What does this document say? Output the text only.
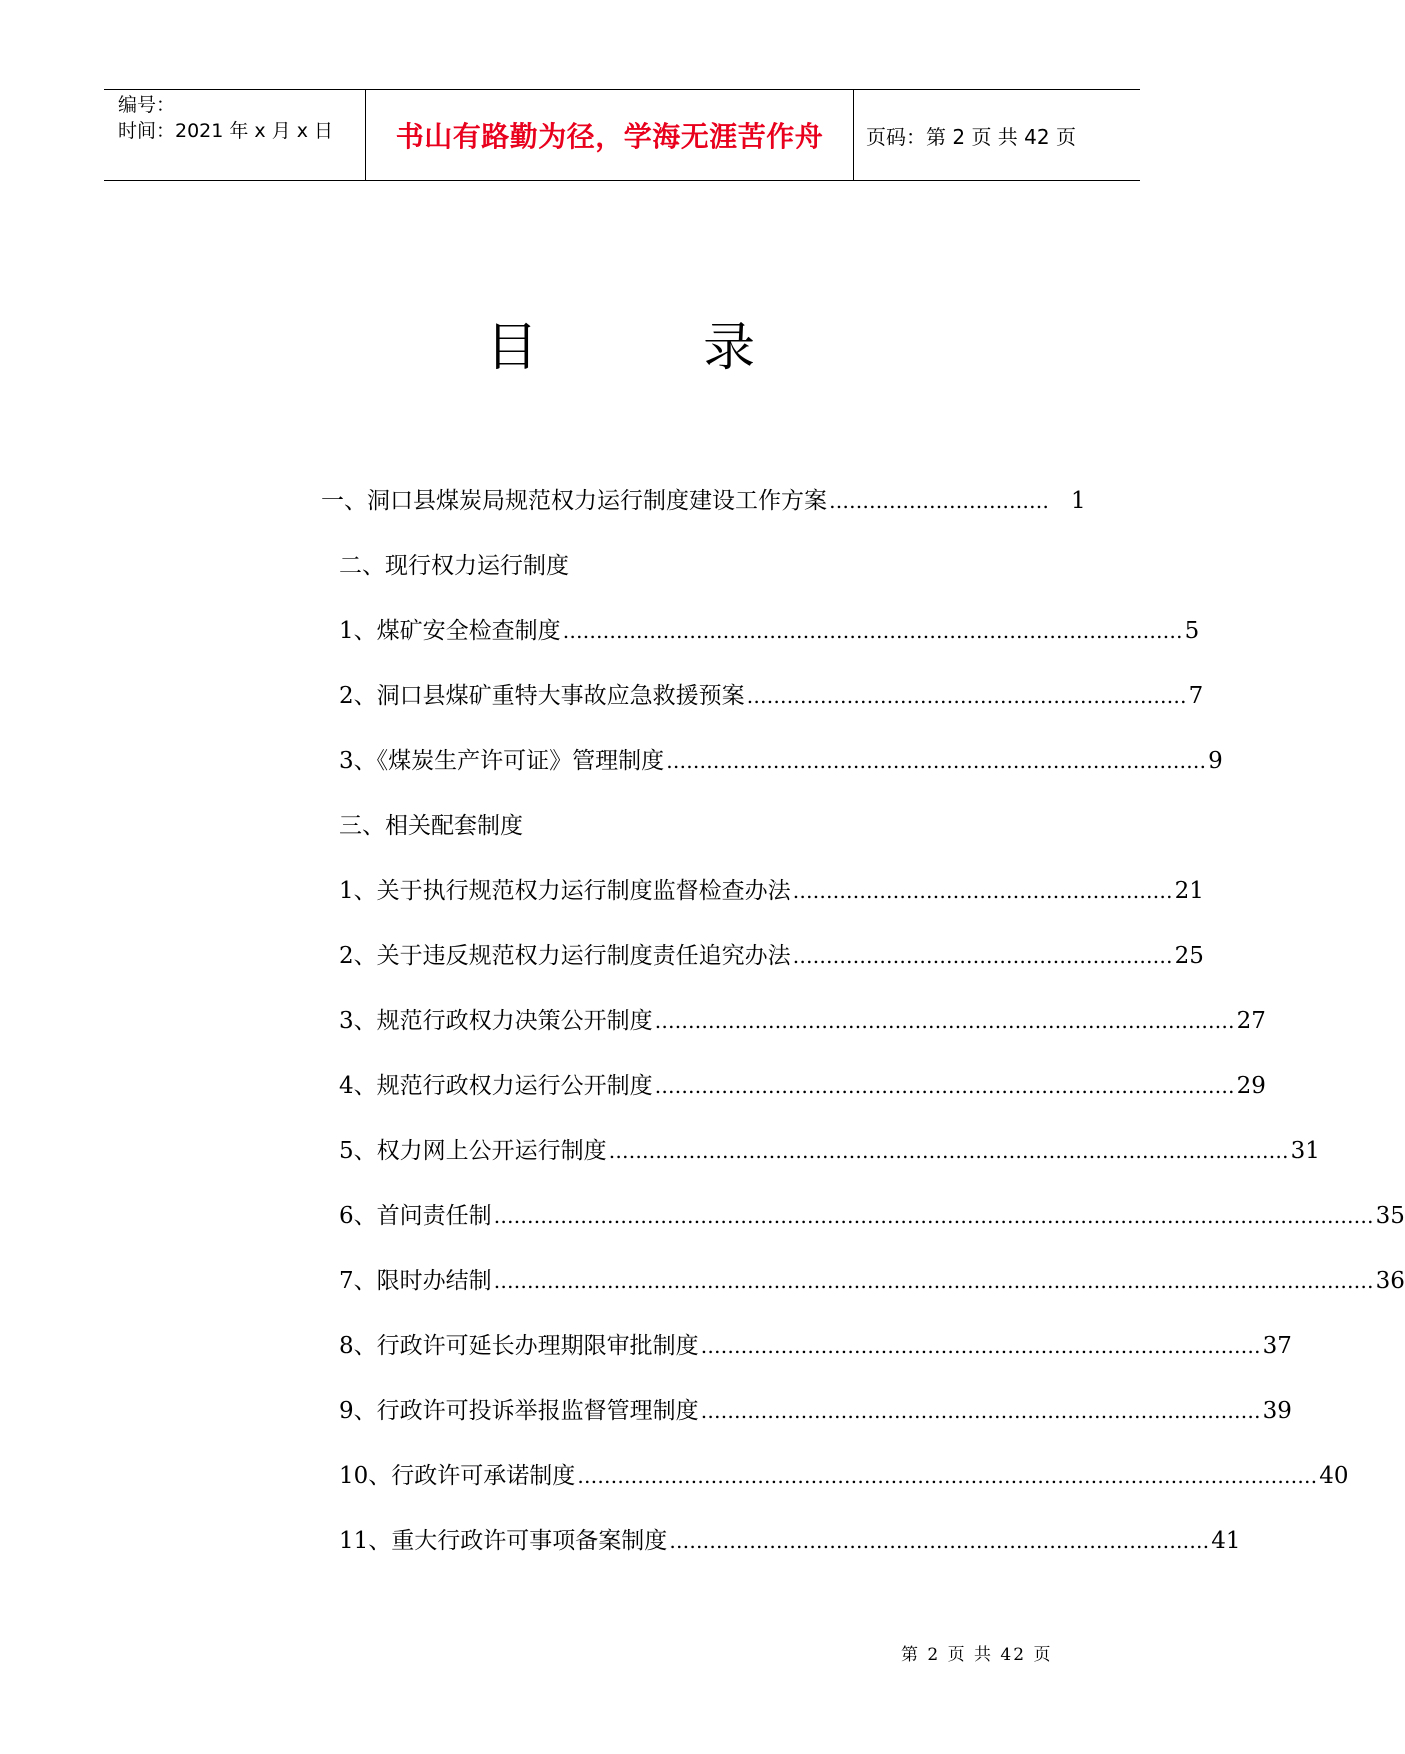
编号：
时间：2021 年 x 月 x 日 书山有路勤为径，学海无涯苦作舟 页码：第 2 页 共 42 页
目          录
一、洞口县煤炭局规范权力运行制度建设工作方案 …………………………… 1
二、现行权力运行制度
1、煤矿安全检查制度 ………………………………………………………………………………… 5
2、洞口县煤矿重特大事故应急救援预案 ………………………………………………………… 7
3、《煤炭生产许可证》管理制度 ……………………………………………………………………… 9
三、相关配套制度
1、关于执行规范权力运行制度监督检查办法 ………………………………………………… 21
2、关于违反规范权力运行制度责任追究办法 ………………………………………………… 25
3、规范行政权力决策公开制度 …………………………………………………………………………… 27
4、规范行政权力运行公开制度 …………………………………………………………………………… 29
5、权力网上公开运行制度 ………………………………………………………………………………………… 31
6、首问责任制 …………………………………………………………………………………………………………………… 35
7、限时办结制 …………………………………………………………………………………………………………………… 36
8、行政许可延长办理期限审批制度 ………………………………………………………………………… 37
9、行政许可投诉举报监督管理制度 ………………………………………………………………………… 39
10、行政许可承诺制度 ………………………………………………………………………………………………… 40
11、重大行政许可事项备案制度 ……………………………………………………………………… 41
第 2 页 共 42 页
